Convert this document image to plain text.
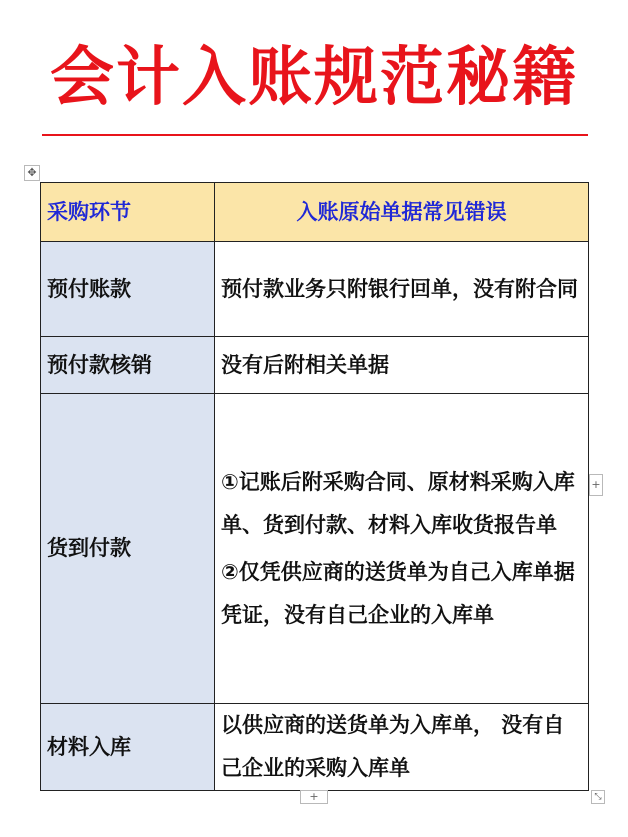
会计入账规范秘籍
✥
采购环节	入账原始单据常见错误
预付账款	预付款业务只附银行回单，没有附合同

预付款核销	没有后附相关单据

货到付款	①记账后附采购合同、原材料采购入库单、货到付款、材料入库收货报告单

②仅凭供应商的送货单为自己入库单据凭证，没有自己企业的入库单

材料入库	以供应商的送货单为入库单， 没有自己企业的采购入库单

+
+	⤡
